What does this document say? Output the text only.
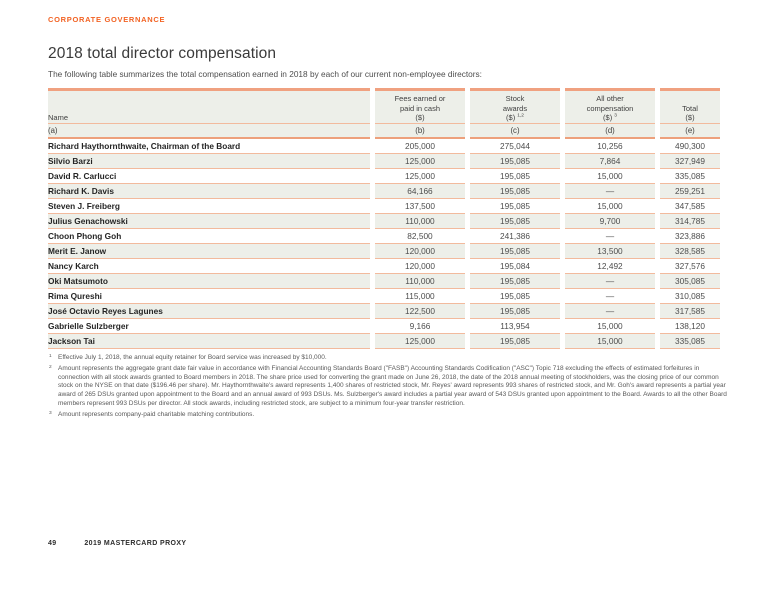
CORPORATE GOVERNANCE
2018 total director compensation

The following table summarizes the total compensation earned in 2018 by each of our current non-employee directors:

Name	Fees earned or
paid in cash
($)	Stock
awards
($) $^{1,2}$	All other
compensation
($) $^3$	Total
($)
(a)	(b)	(c)	(d)	(e)
Richard Haythornthwaite, Chairman of the Board	205,000	275,044	10,256	490,300
Silvio Barzi	125,000	195,085	7,864	327,949
David R. Carlucci	125,000	195,085	15,000	335,085
Richard K. Davis	64,166	195,085	—	259,251
Steven J. Freiberg	137,500	195,085	15,000	347,585
Julius Genachowski	110,000	195,085	9,700	314,785
Choon Phong Goh	82,500	241,386	—	323,886
Merit E. Janow	120,000	195,085	13,500	328,585
Nancy Karch	120,000	195,084	12,492	327,576
Oki Matsumoto	110,000	195,085	—	305,085
Rima Qureshi	115,000	195,085	—	310,085
José Octavio Reyes Lagunes	122,500	195,085	—	317,585
Gabrielle Sulzberger	9,166	113,954	15,000	138,120
Jackson Tai	125,000	195,085	15,000	335,085
1 Effective July 1, 2018, the annual equity retainer for Board service was increased by $10,000.
2 Amount represents the aggregate grant date fair value in accordance with Financial Accounting Standards Board ("FASB") Accounting Standards Codification ("ASC") Topic 718 excluding the effects of estimated forfeitures in connection with all stock awards granted to Board members in 2018. The share price used for converting the grant made on June 26, 2018, the date of the 2018 annual meeting of stockholders, was the closing price of our common stock on the NYSE on that date ($196.46 per share). Mr. Haythornthwaite's award represents 1,400 shares of restricted stock, Mr. Reyes' award represents 993 shares of restricted stock, and Mr. Goh's award represents a partial year award of 265 DSUs granted upon appointment to the Board and an annual award of 993 DSUs. Ms. Sulzberger's award includes a partial year award of 543 DSUs granted upon appointment to the Board. Awards to all the other Board members represent 993 DSUs per director. All stock awards, including restricted stock, are subject to a minimum four-year transfer restriction.
3 Amount represents company-paid charitable matching contributions.
49	2019 MASTERCARD PROXY
